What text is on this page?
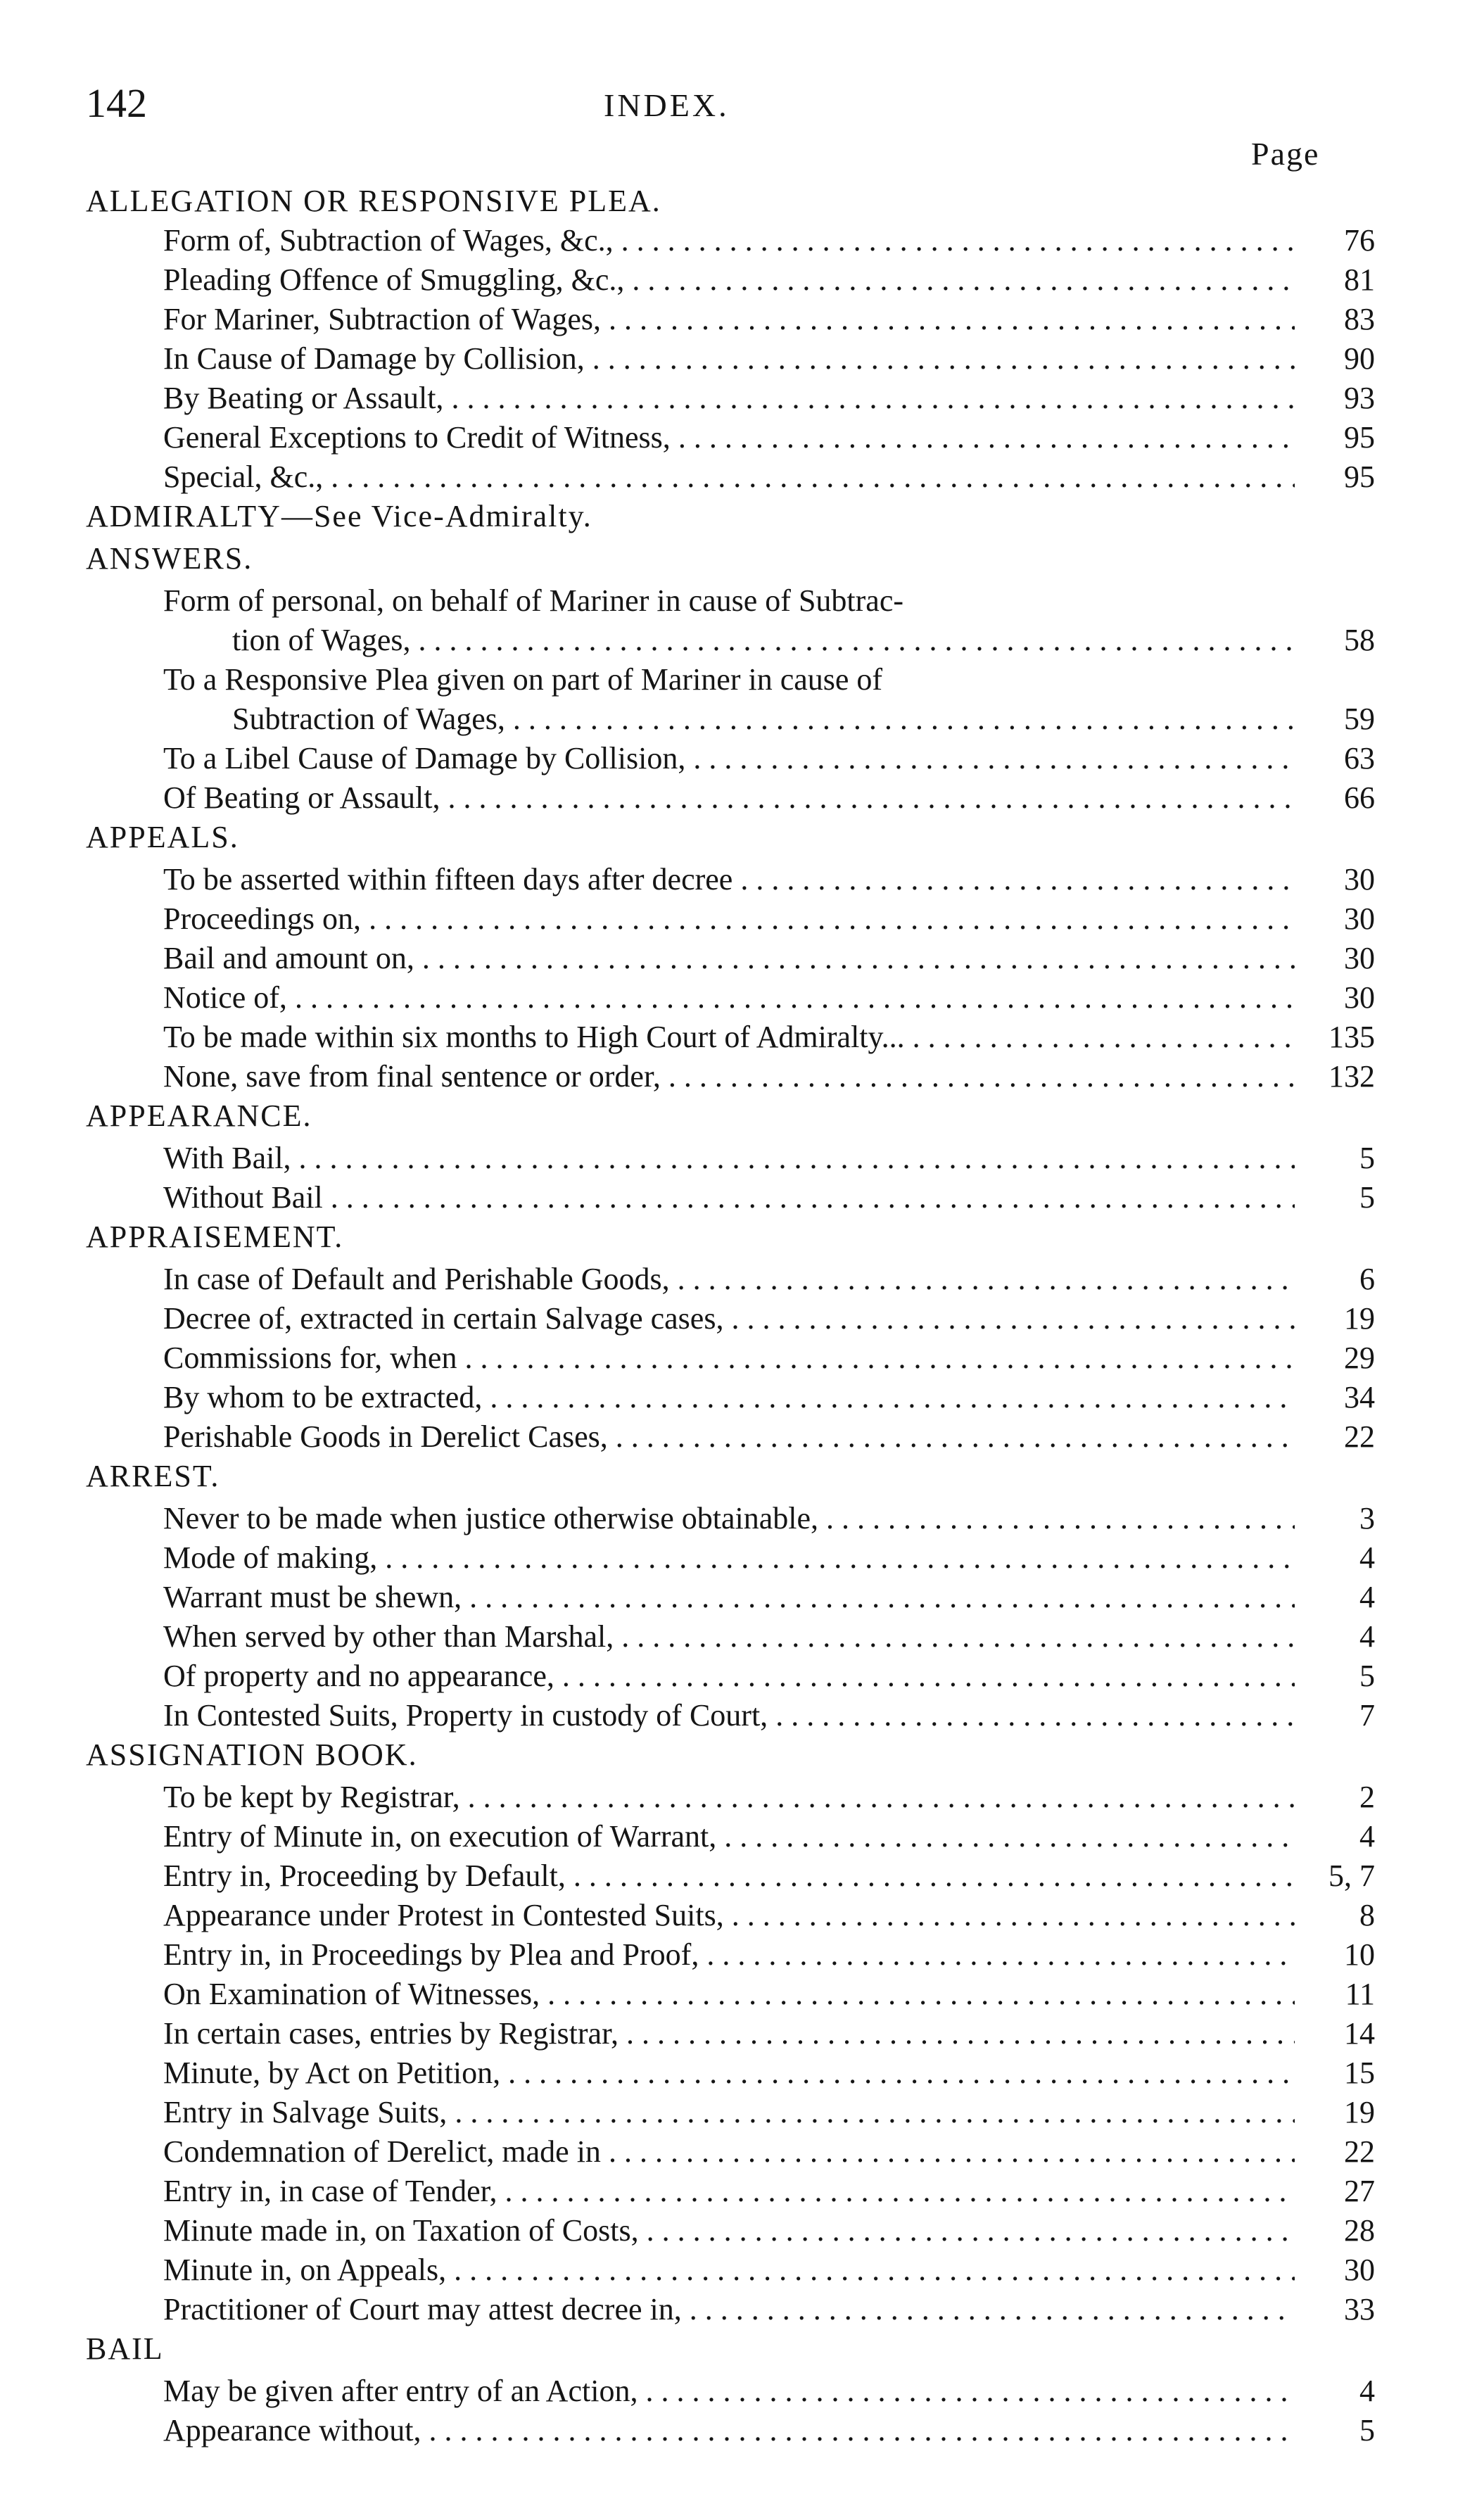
142	INDEX.
Page
ALLEGATION OR RESPONSIVE PLEA.
Form of, Subtraction of Wages, &c., . . .	76
Pleading Offence of Smuggling, &c., . . .	81
For Mariner, Subtraction of Wages, . . .	83
In Cause of Damage by Collision, . . .	90
By Beating or Assault, . . .	93
General Exceptions to Credit of Witness, . . .	95
Special, &c., . . .	95
ADMIRALTY—See Vice-Admiralty.
ANSWERS.
Form of personal, on behalf of Mariner in cause of Subtrac-
tion of Wages, . . .	58
To a Responsive Plea given on part of Mariner in cause of
Subtraction of Wages, . . .	59
To a Libel Cause of Damage by Collision, . . .	63
Of Beating or Assault, . . .	66
APPEALS.
To be asserted within fifteen days after decree . . .	30
Proceedings on, . . .	30
Bail and amount on, . . .	30
Notice of, . . .	30
To be made within six months to High Court of Admiralty... . . .	135
None, save from final sentence or order, . . .	132
APPEARANCE.
With Bail, . . .	5
Without Bail . . .	5
APPRAISEMENT.
In case of Default and Perishable Goods, . . .	6
Decree of, extracted in certain Salvage cases, . . .	19
Commissions for, when . . .	29
By whom to be extracted, . . .	34
Perishable Goods in Derelict Cases, . . .	22
ARREST.
Never to be made when justice otherwise obtainable, . . .	3
Mode of making, . . .	4
Warrant must be shewn, . . .	4
When served by other than Marshal, . . .	4
Of property and no appearance, . . .	5
In Contested Suits, Property in custody of Court, . . .	7
ASSIGNATION BOOK.
To be kept by Registrar, . . .	2
Entry of Minute in, on execution of Warrant, . . .	4
Entry in, Proceeding by Default, . . .	5, 7
Appearance under Protest in Contested Suits, . . .	8
Entry in, in Proceedings by Plea and Proof, . . .	10
On Examination of Witnesses, . . .	11
In certain cases, entries by Registrar, . . .	14
Minute, by Act on Petition, . . .	15
Entry in Salvage Suits, . . .	19
Condemnation of Derelict, made in . . .	22
Entry in, in case of Tender, . . .	27
Minute made in, on Taxation of Costs, . . .	28
Minute in, on Appeals, . . .	30
Practitioner of Court may attest decree in, . . .	33
BAIL
May be given after entry of an Action, . . .	4
Appearance without, . . .	5
